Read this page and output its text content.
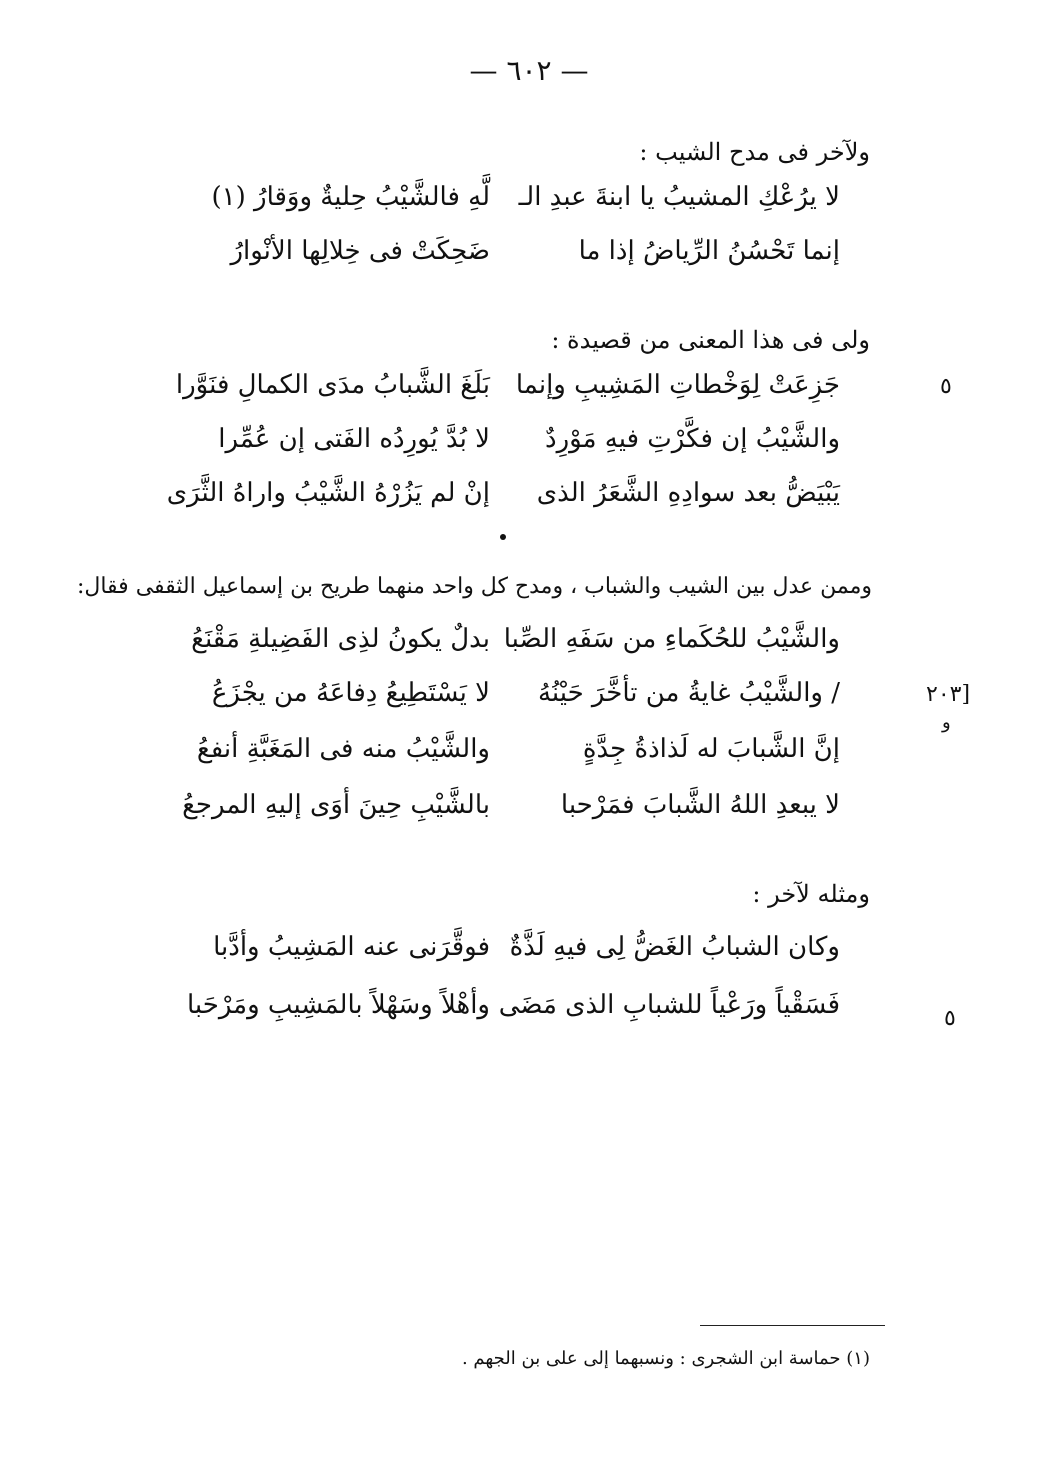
— ٦٠٢ —
ولآخر فى مدح الشيب :
لا يرُعْكِ المشيبُ يا ابنةَ عبدِ الـ
لَّهِ فالشَّيْبُ حِليةٌ ووَقارُ (١)
إنما تَحْسُنُ الرِّياضُ إذا ما
ضَحِكَتْ فى خِلالِها الأنْوارُ
ولى فى هذا المعنى من قصيدة :
جَزِعَتْ لِوَخْطاتِ المَشِيبِ وإنما
بَلَغَ الشَّبابُ مدَى الكمالِ فنَوَّرا
والشَّيْبُ إن فكَّرْتِ فيهِ مَوْرِدٌ
لا بُدَّ يُورِدُه الفَتى إن عُمِّرا
يَبْيَضُّ بعد سوادِهِ الشَّعَرُ الذى
إنْ لم يَزُرْهُ الشَّيْبُ واراهُ الثَّرَى
وممن عدل بين الشيب والشباب ، ومدح كل واحد منهما طريح بن إسماعيل الثقفى فقال:
والشَّيْبُ للحُكَماءِ من سَفَهِ الصِّبا
بدلٌ يكونُ لذِى الفَضِيلةِ مَقْنَعُ
/ والشَّيْبُ غايةُ من تأخَّرَ حَيْنُهُ
لا يَسْتَطِيعُ دِفاعَهُ من يجْزَعُ
إنَّ الشَّبابَ له لَذاذةُ جِدَّةٍ
والشَّيْبُ منه فى المَغَبَّةِ أنفعُ
لا يبعدِ اللهُ الشَّبابَ فمَرْحبا
بالشَّيْبِ حِينَ أوَى إليهِ المرجعُ
ومثله لآخر :
وكان الشبابُ الغَضُّ لِى فيهِ لَذَّةٌ
فوقَّرَنى عنه المَشِيبُ وأدَّبا
فَسَقْياً ورَعْياً للشبابِ الذى مَضَى
وأهْلاً وسَهْلاً بالمَشِيبِ ومَرْحَبا
٥
[٢٠٣
و
٥
(١) حماسة ابن الشجرى : ونسبهما إلى على بن الجهم .
